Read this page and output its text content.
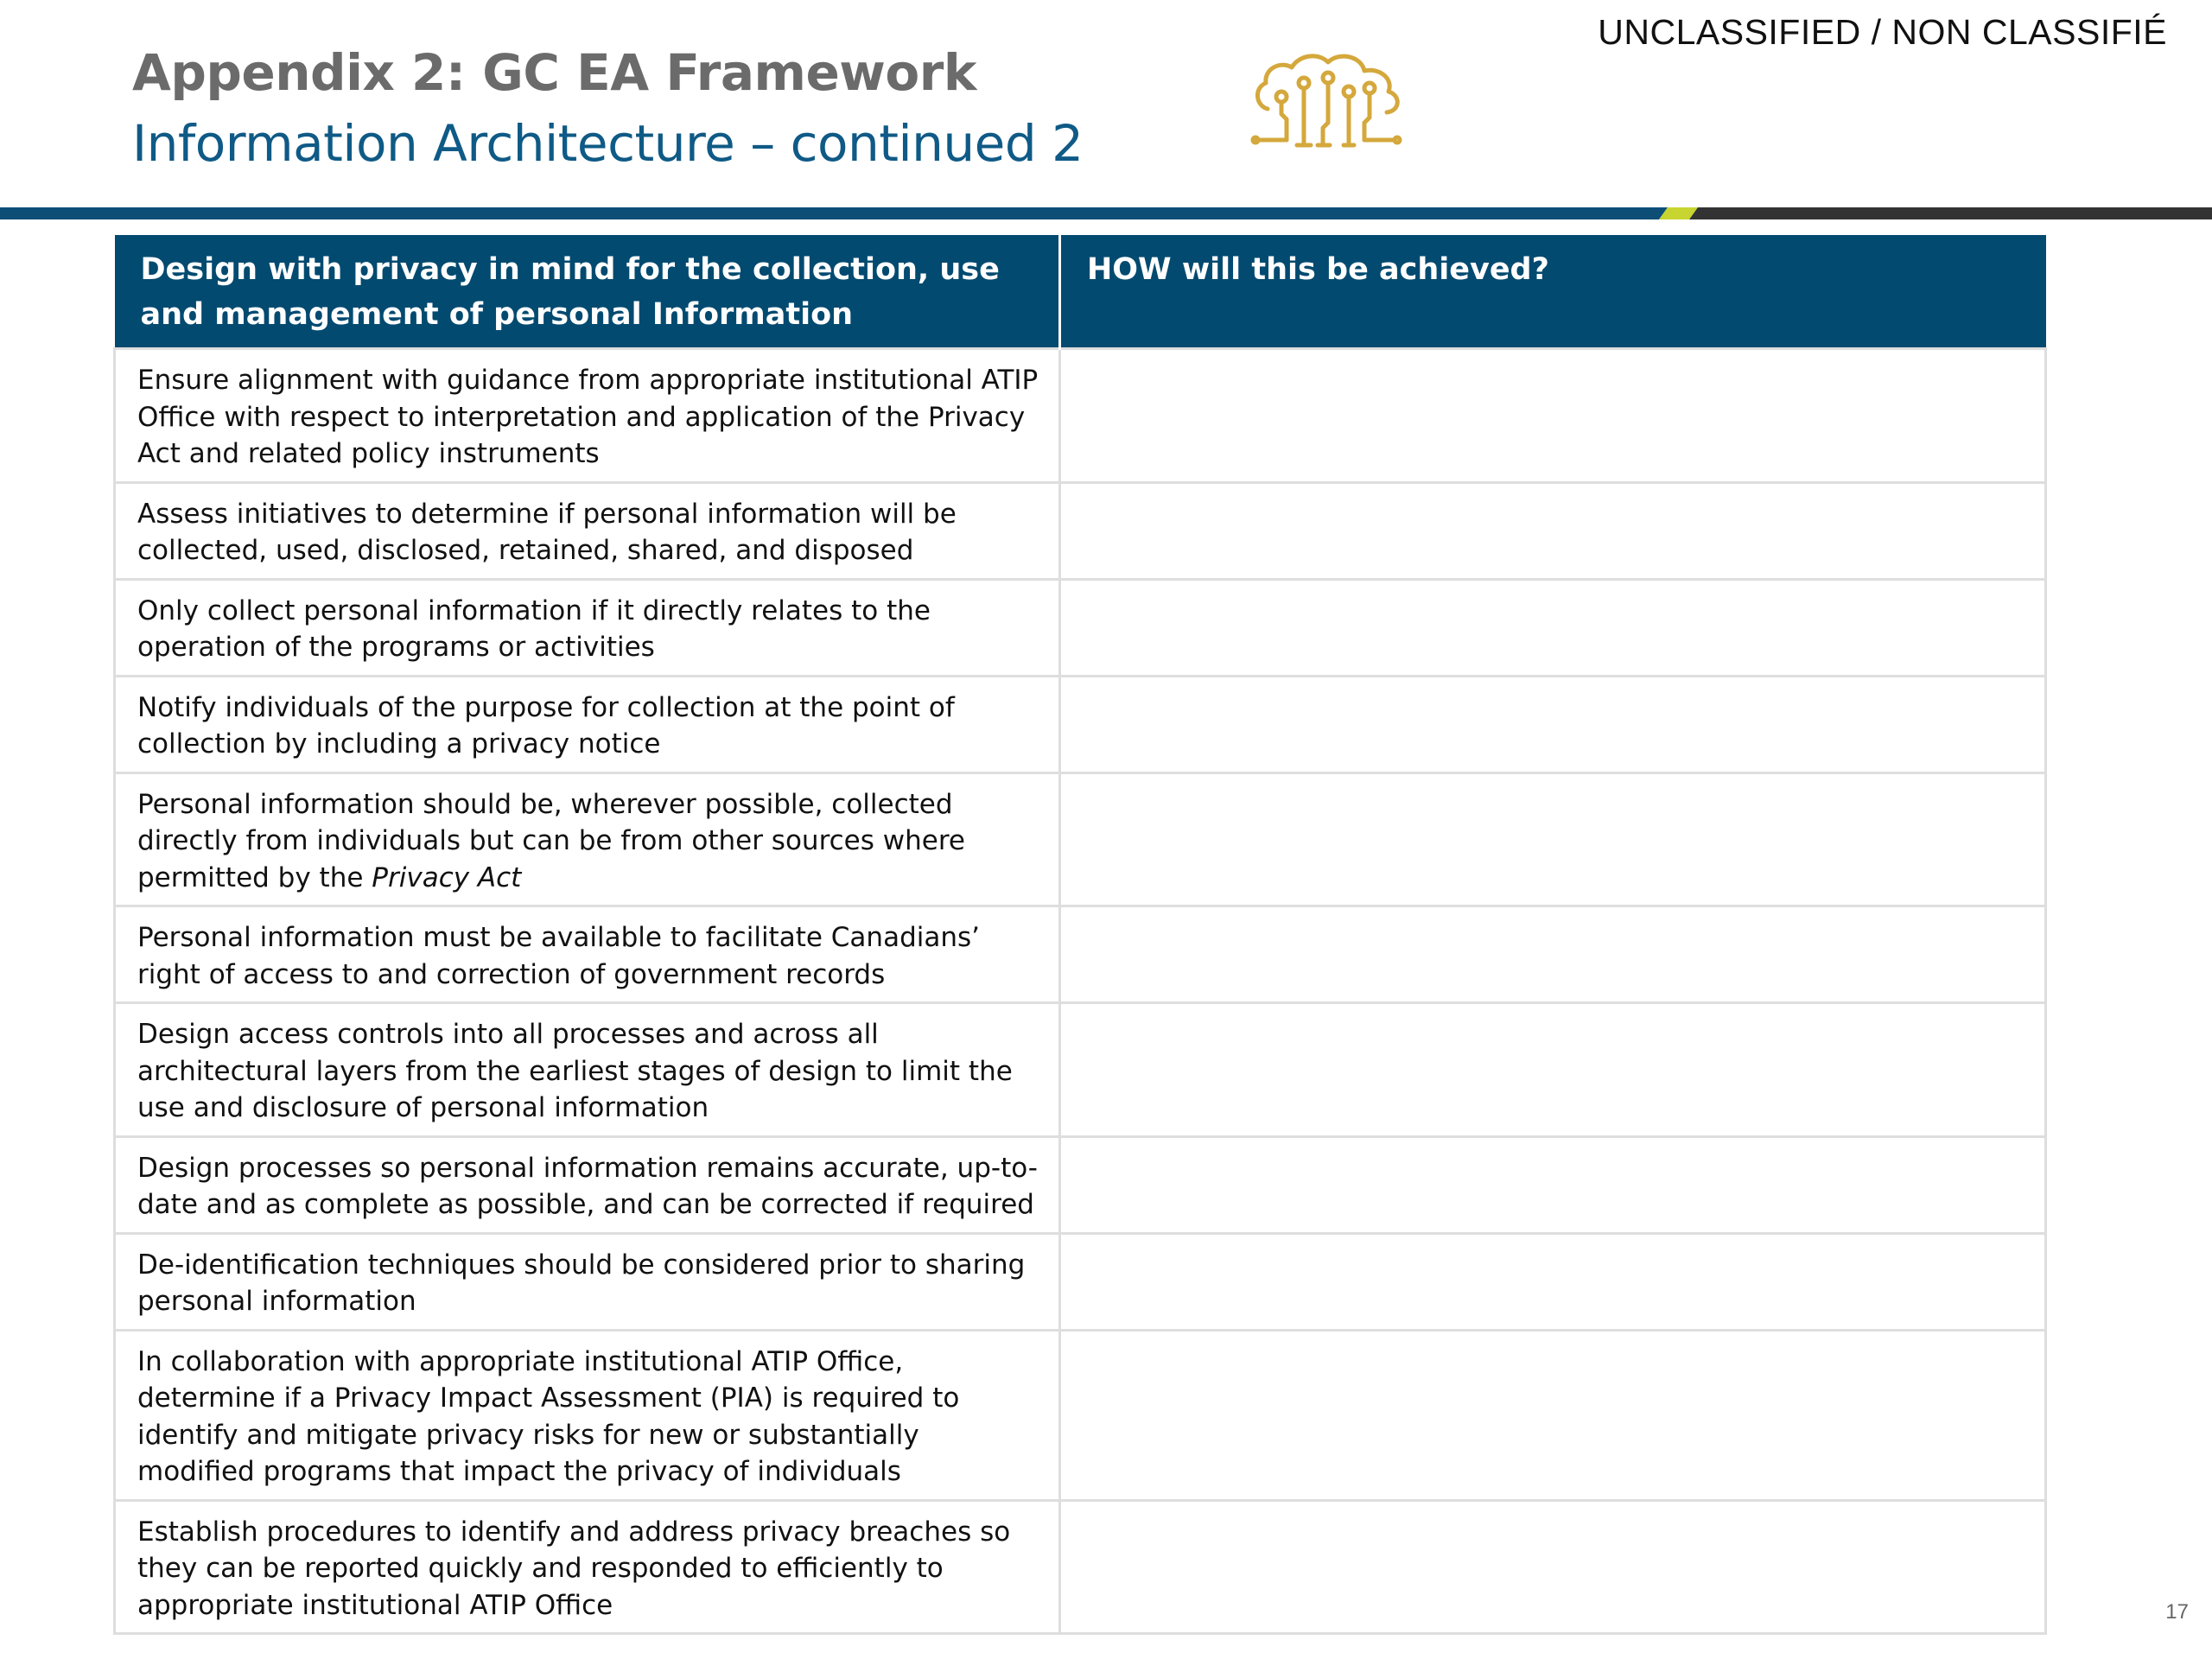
UNCLASSIFIED / NON CLASSIFIÉ
Appendix 2: GC EA Framework
Information Architecture – continued 2
Design with privacy in mind for the collection, use and management of personal Information	HOW will this be achieved?
Ensure alignment with guidance from appropriate institutional ATIP Office with respect to interpretation and application of the Privacy Act and related policy instruments	
Assess initiatives to determine if personal information will be collected, used, disclosed, retained, shared, and disposed	
Only collect personal information if it directly relates to the operation of the programs or activities	
Notify individuals of the purpose for collection at the point of collection by including a privacy notice	
Personal information should be, wherever possible, collected directly from individuals but can be from other sources where permitted by the Privacy Act	
Personal information must be available to facilitate Canadians’ right of access to and correction of government records	
Design access controls into all processes and across all architectural layers from the earliest stages of design to limit the use and disclosure of personal information	
Design processes so personal information remains accurate, up-to-date and as complete as possible, and can be corrected if required	
De-identification techniques should be considered prior to sharing personal information	
In collaboration with appropriate institutional ATIP Office, determine if a Privacy Impact Assessment (PIA) is required to identify and mitigate privacy risks for new or substantially modified programs that impact the privacy of individuals	
Establish procedures to identify and address privacy breaches so they can be reported quickly and responded to efficiently to appropriate institutional ATIP Office		17
